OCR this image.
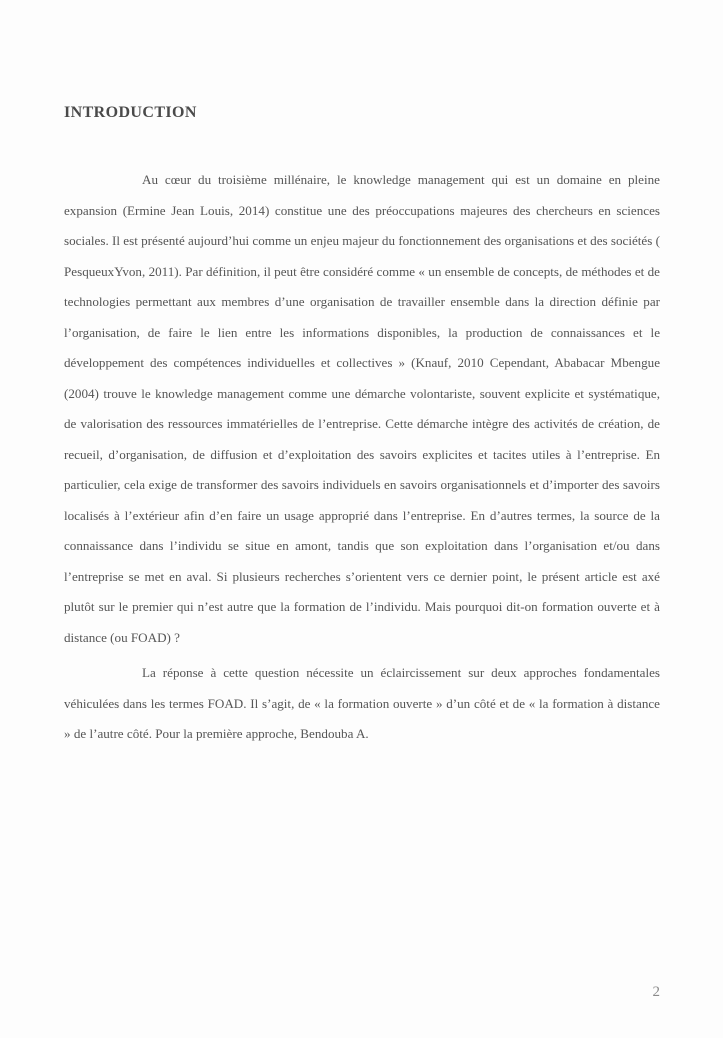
INTRODUCTION

Au cœur du troisième millénaire, le knowledge management qui est un domaine en pleine expansion (Ermine Jean Louis, 2014) constitue une des préoccupations majeures des chercheurs en sciences sociales. Il est présenté aujourd’hui comme un enjeu majeur du fonctionnement des organisations et des sociétés ( PesqueuxYvon, 2011). Par définition, il peut être considéré comme « un ensemble de concepts, de méthodes et de technologies permettant aux membres d’une organisation de travailler ensemble dans la direction définie par l’organisation, de faire le lien entre les informations disponibles, la production de connaissances et le développement des compétences individuelles et collectives » (Knauf, 2010 Cependant, Ababacar Mbengue (2004) trouve le knowledge management comme une démarche volontariste, souvent explicite et systématique, de valorisation des ressources immatérielles de l’entreprise. Cette démarche intègre des activités de création, de recueil, d’organisation, de diffusion et d’exploitation des savoirs explicites et tacites utiles à l’entreprise. En particulier, cela exige de transformer des savoirs individuels en savoirs organisationnels et d’importer des savoirs localisés à l’extérieur afin d’en faire un usage approprié dans l’entreprise. En d’autres termes, la source de la connaissance dans l’individu se situe en amont, tandis que son exploitation dans l’organisation et/ou dans l’entreprise se met en aval. Si plusieurs recherches s’orientent vers ce dernier point, le présent article est axé plutôt sur le premier qui n’est autre que la formation de l’individu. Mais pourquoi dit-on formation ouverte et à distance (ou FOAD) ?

La réponse à cette question nécessite un éclaircissement sur deux approches fondamentales véhiculées dans les termes FOAD. Il s’agit, de « la formation ouverte » d’un côté et de « la formation à distance » de l’autre côté. Pour la première approche, Bendouba A.

2
